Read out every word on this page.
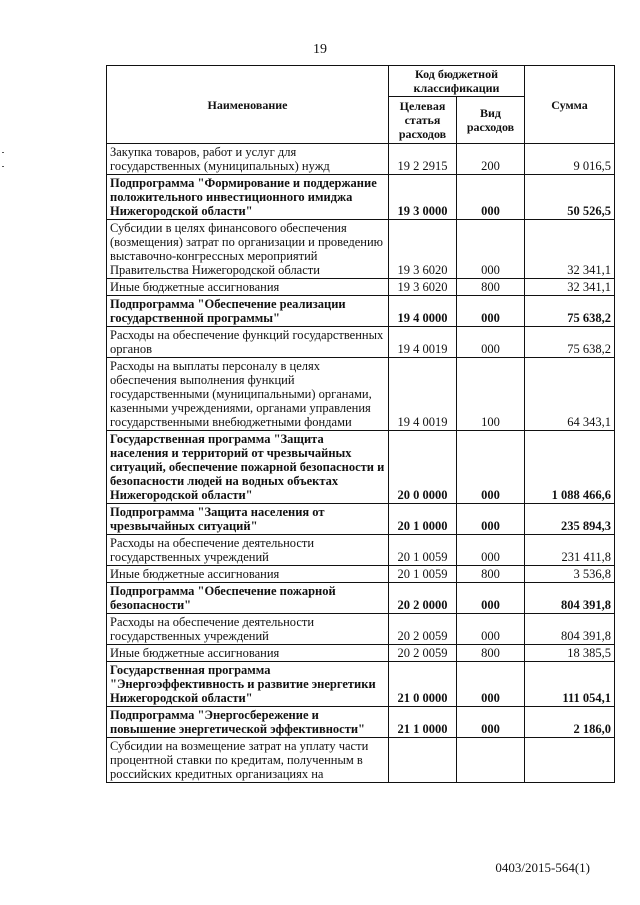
19
Наименование	Код бюджетной классификации		Сумма
	Целевая статья расходов	Вид расходов	
Закупка товаров, работ и услуг для государственных (муниципальных) нужд	19 2 2915	200	9 016,5
Подпрограмма "Формирование и поддержание положительного инвестиционного имиджа Нижегородской области"	19 3 0000	000	50 526,5
Субсидии в целях финансового обеспечения (возмещения) затрат по организации и проведению выставочно-конгрессных мероприятий Правительства Нижегородской области	19 3 6020	000	32 341,1
Иные бюджетные ассигнования	19 3 6020	800	32 341,1
Подпрограмма "Обеспечение реализации государственной программы"	19 4 0000	000	75 638,2
Расходы на обеспечение функций государственных органов	19 4 0019	000	75 638,2
Расходы на выплаты персоналу в целях обеспечения выполнения функций государственными (муниципальными) органами, казенными учреждениями, органами управления государственными внебюджетными фондами	19 4 0019	100	64 343,1
Государственная программа "Защита населения и территорий от чрезвычайных ситуаций, обеспечение пожарной безопасности и безопасности людей на водных объектах Нижегородской области"	20 0 0000	000	1 088 466,6
Подпрограмма "Защита населения от чрезвычайных ситуаций"	20 1 0000	000	235 894,3
Расходы на обеспечение деятельности государственных учреждений	20 1 0059	000	231 411,8
Иные бюджетные ассигнования	20 1 0059	800	3 536,8
Подпрограмма "Обеспечение пожарной безопасности"	20 2 0000	000	804 391,8
Расходы на обеспечение деятельности государственных учреждений	20 2 0059	000	804 391,8
Иные бюджетные ассигнования	20 2 0059	800	18 385,5
Государственная программа "Энергоэффективность и развитие энергетики Нижегородской области"	21 0 0000	000	111 054,1
Подпрограмма "Энергосбережение и повышение энергетической эффективности"	21 1 0000	000	2 186,0
Субсидии на возмещение затрат на уплату части процентной ставки по кредитам, полученным в российских кредитных организациях на			
0403/2015-564(1)
